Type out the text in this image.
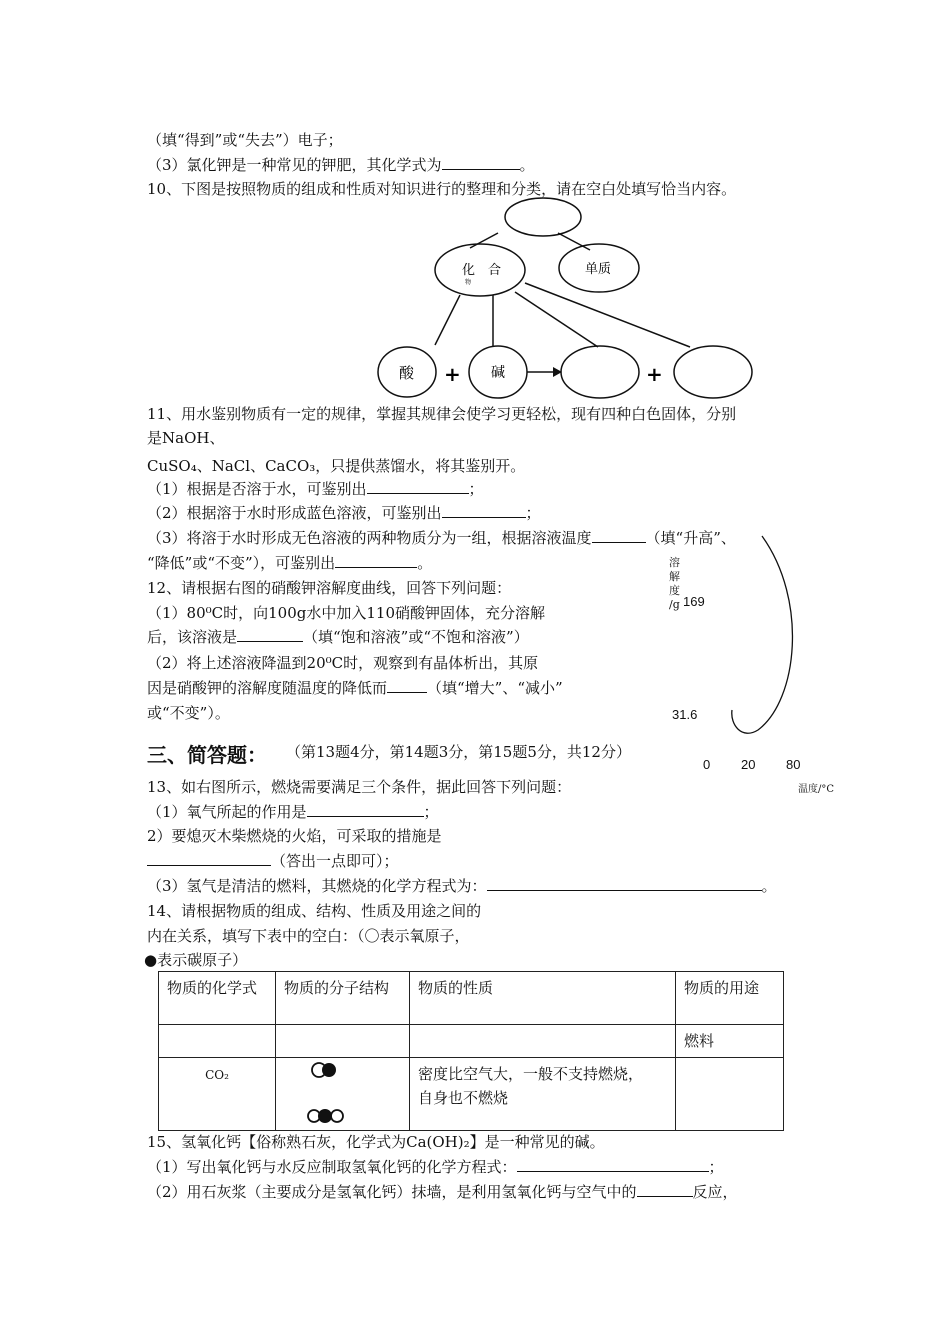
（填“得到”或“失去”）电子；
（3）氯化钾是一种常见的钾肥，其化学式为	。
10、下图是按照物质的组成和性质对知识进行的整理和分类，请在空白处填写恰当内容。
化　合
物
单质
酸	碱
+	+
11、用水鉴别物质有一定的规律，掌握其规律会使学习更轻松，现有四种白色固体，分别
是NaOH、
CuSO₄、NaCl、CaCO₃，只提供蒸馏水，将其鉴别开。
（1）根据是否溶于水，可鉴别出	；
（2）根据溶于水时形成蓝色溶液，可鉴别出	；
（3）将溶于水时形成无色溶液的两种物质分为一组，根据溶液温度	（填“升高”、
“降低”或“不变”），可鉴别出	。
12、请根据右图的硝酸钾溶解度曲线，回答下列问题：
（1）80⁰C时，向100g水中加入110硝酸钾固体，充分溶解
后，该溶液是	（填“饱和溶液”或“不饱和溶液”）
（2）将上述溶液降温到20⁰C时，观察到有晶体析出，其原
因是硝酸钾的溶解度随温度的降低而	（填“增大”、“减小”
或“不变”）。
溶
解
度
/g 169
31.6
0 20 80
温度/°C
三、简答题： （第13题4分，第14题3分，第15题5分，共12分）
13、如右图所示，燃烧需要满足三个条件，据此回答下列问题：
（1）氧气所起的作用是	；
2）要熄灭木柴燃烧的火焰，可采取的措施是
（答出一点即可）；
（3）氢气是清洁的燃料，其燃烧的化学方程式为：	。
14、请根据物质的组成、结构、性质及用途之间的
内在关系，填写下表中的空白：（〇表示氧原子，
●表示碳原子）
物质的化学式	物质的分子结构	物质的性质	物质的用途
			燃料
CO₂		密度比空气大，一般不支持燃烧，
自身也不燃烧	
15、氢氧化钙【俗称熟石灰，化学式为Ca(OH)₂】是一种常见的碱。
（1）写出氧化钙与水反应制取氢氧化钙的化学方程式：	；
（2）用石灰浆（主要成分是氢氧化钙）抹墙，是利用氢氧化钙与空气中的	反应，
